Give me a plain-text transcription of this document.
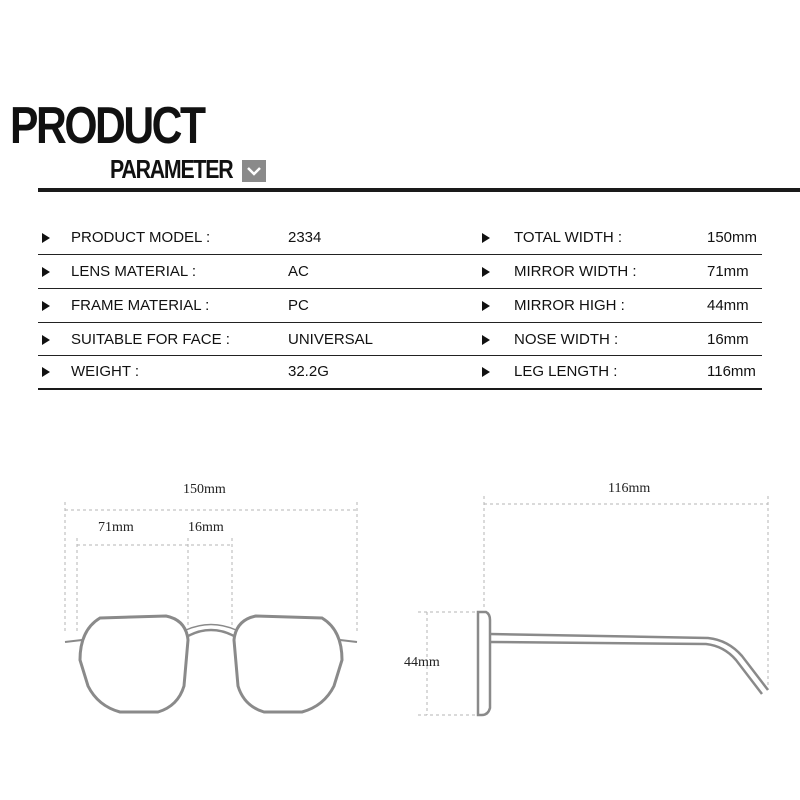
PRODUCT
PARAMETER
PRODUCT MODEL :	2334	TOTAL WIDTH :	150mm
LENS MATERIAL :	AC	MIRROR WIDTH :	71mm
FRAME MATERIAL :	PC	MIRROR HIGH :	44mm
SUITABLE FOR FACE :	UNIVERSAL	NOSE WIDTH :	16mm
WEIGHT :	32.2G	LEG LENGTH :	116mm
150mm
71mm	16mm
116mm
44mm
